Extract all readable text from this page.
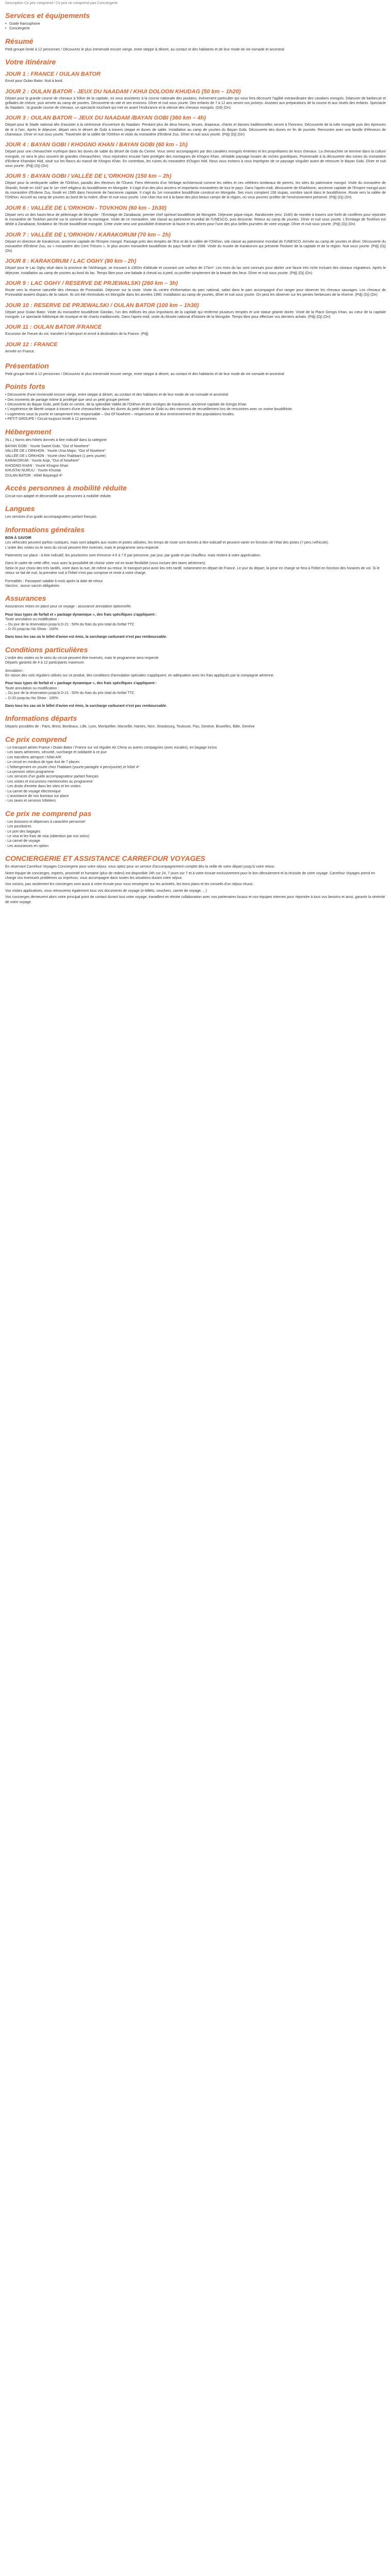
Description Ce prix comprend / Ce prix ne comprend pas Conciergerie

Services et équipements
• Guide francophone
• Conciergerie
Résumé

Petit groupe limité à 12 personnes ! Découvrez le plus immensité encore vierge, entre steppe & désert, au contact et des habitants et de leur mode de vie nomade et ancestral

Votre itinéraire
JOUR 1 : FRANCE / OULAN BATOR

Envol pour Oulan Bator. Nuit à bord.

JOUR 2 : OULAN BATOR - JEUX DU NAADAM / KHUI DOLOON KHUDAG (50 km – 1h20)

Départ pour la grande course de chevaux à 50km de la capitale, où vous assisterez à la course nationale des poulains, évènement particulier qui vous fera découvrir l'agilité extraordinaire des cavaliers mongols. Déjeuner de barbecue et grillades de chèvre, puis arrivée au camp de yourtes. Découverte du site et ses environs. Dîner et nuit sous yourte. Des enfants de 7 à 12 ans seront vos jockeys. Assistez aux préparations de la course et aux rituels des enfants. Spectacle du Naadam : la grande course de chevaux, un spectacle touchant qui met en avant l'endurance et la vitesse des chevaux mongols. (Dd) (Dn)

JOUR 3 : OULAN BATOR – JEUX DU NAADAM /BAYAN GOBI (360 km – 4h)

Départ pour le Stade national afin d'assister à la cérémonie d'ouverture du Naadam. Pendant plus de deux heures, tenues, drapeaux, chants et danses traditionnelles seront à l'honneur. Découverte de la lutte mongole puis des épreuves de tir à l'arc. Après le déjeuner, départ vers le désert de Gobi à travers steppe et dunes de sable. Installation au camp de yourtes du Bayan Gobi. Découverte des dunes en fin de journée. Rencontre avec une famille d'éleveurs de chameaux. Dîner et nuit sous yourte. Traversée de la vallée de l'Orkhon et visite du monastère d'Erdene Zuu. Dîner et nuit sous yourte. (Pdj) (Dj) (Dn)

JOUR 4 : BAYAN GOBI / KHOGNO KHAN / BAYAN GOBI (60 km - 1h)

Départ pour une chevauchée mythique dans les dunes de sable du désert de Gobi du Centre. Vous serez accompagnés par des cavaliers mongols émérites et les propriétaires de leurs chevaux. La chevauchée se termine dans la culture mongole, ce sera le plus souvent de grandes chevauchées. Vous rejoindrez ensuite l'aire protégée des montagnes de Khogno Khan, véritable paysage lunaire de roches granitiques. Promenade à la découverte des ruines du monastère d'Erdene Khambiin Hiid, situé sur les flancs du massif de Khogno Khan. En contrebas, les ruines du monastère d'Ovgon Hiid. Nous vous invitons à vous imprégner de ce paysage singulier avant de retrouver le Bayan Gobi. Dîner et nuit sous yourte. (Pdj) (Dj) (Dn)

JOUR 5 : BAYAN GOBI / VALLÉE DE L'ORKHON (150 km – 2h)

Départ pour la verdoyante vallée de l'Orkhon, paradis des éleveurs de l'Ouest. Fiers éléments d'un héritage architectural comme les stèles et ces célèbres tombeaux de pierres, les sites du patrimoine mongol. Visite du monastère de Shankh, fondé en 1647 par le 1er chef religieux du bouddhisme en Mongolie. Il s'agit d'un des plus anciens et importants monastères de tout le pays. Dans l'après-midi, découverte de Kharkhorin, ancienne capitale de l'Empire mongol puis du monastère d'Erdene Zuu, fondé en 1585 dans l'enceinte de l'ancienne capitale. Il s'agit du 1er monastère bouddhiste construit en Mongolie. Ses murs comptent 108 stupas, nombre sacré dans le bouddhisme. Route vers la vallée de l'Orkhon. Accueil au camp de yourtes au bord de la rivière, dîner et nuit sous yourte. Une Ulan Nur est à la base des plus beaux camps de la région, où vous pourrez profiter de l'environnement préservé. (Pdj) (Dj) (Dn)

JOUR 6 : VALLÉE DE L'ORKHON - TOVKHON (60 km - 1h30)

Départ vers un des hauts-lieux de pèlerinage de Mongolie : l'Ermitage de Zanabazar, premier chef spirituel bouddhiste de Mongolie. Déjeuner pique-nique. Randonnée (env. 1h30) de montée à travers une forêt de conifères pour rejoindre le monastère de Tovkhon perché sur le sommet de la montagne. Visite de ce monastère, site classé au patrimoine mondial de l'UNESCO, puis descente. Retour au camp de yourtes. Dîner et nuit sous yourte. L'Ermitage de Tovkhon est dédié à Zanabazar, fondateur de l'école bouddhiste mongole. Cette visite sera une possibilité d'observer la faune et les arbres pour l'une des plus belles journées de votre voyage. Dîner et nuit sous yourte. (Pdj) (Dj) (Dn)

JOUR 7 : VALLÉE DE L'ORKHON / KARAKORUM (70 km – 2h)

Départ en direction de Karakorum, ancienne capitale de l'Empire mongol. Passage près des temples de l'Est et de la vallée de l'Orkhon, site classé au patrimoine mondial de l'UNESCO. Arrivée au camp de yourtes et dîner. Découverte du monastère d'Erdene Zuu, ou « monastère des Cent Trésors », le plus ancien monastère bouddhiste du pays fondé en 1586. Visite du musée de Karakorum qui présente l'histoire de la capitale et de la région. Nuit sous yourte. (Pdj) (Dj) (Dn)

JOUR 8 : KARAKORUM / LAC OGHY (80 km - 2h)

Départ pour le Lac Oghy situé dans la province de l'Arkhangaï, se trouvant à 1300m d'altitude et couvrant une surface de 27km². Les rives du lac sont connues pour abriter une faune très riche incluant des oiseaux migrateurs. Après le déjeuner, installation au camp de yourtes au bord du lac. Temps libre pour une balade à cheval ou à pied, ou profiter simplement de la beauté des lieux. Dîner et nuit sous yourte. (Pdj) (Dj) (Dn)

JOUR 9 : LAC OGHY / RESERVE DE PRJEWALSKI (260 km – 3h)

Route vers la réserve naturelle des chevaux de Przewalski. Déjeuner sur la route. Visite du centre d'information du parc national, safari dans le parc accompagné d'un ranger pour observer les chevaux sauvages. Les chevaux de Przewalski avaient disparu de la nature. Ils ont été réintroduits en Mongolie dans les années 1990. Installation au camp de yourtes, dîner et nuit sous yourte. On peut les observer sur les pentes herbeuses de la réserve. (Pdj) (Dj) (Dn)

JOUR 10 : RESERVE DE PRJEWALSKI / OULAN BATOR (100 km – 1h30)

Départ pour Oulan Bator. Visite du monastère bouddhiste Gandan, l'un des édifices les plus importants de la capitale qui renferme plusieurs temples et une statue géante dorée. Visite de la Place Gengis Khan, au cœur de la capitale mongole. Le spectacle folklorique de musique et de chants traditionnels. Dans l'après-midi, visite du Musée national d'histoire de la Mongolie. Temps libre pour effectuer vos derniers achats. (Pdj) (Dj) (Dn)

JOUR 11 : OULAN BATOR /FRANCE

Excursion de l'heure du vol, transfert à l'aéroport et envol à destination de la France. (Pdj)

JOUR 12 : FRANCE

Arrivée en France.

Présentation

Petit groupe limité à 12 personnes ! Découvrez le plus immensité encore vierge, entre steppe & désert, au contact et des habitants et de leur mode de vie nomade et ancestral

Points forts

• Découverte d'une immensité encore vierge, entre steppe & désert, au contact et des habitants et de leur mode de vie nomade et ancestral

• Des moments de partage intime & privilégié que seul un petit groupe permet

• Découverte du Bayan Gobi, petit Gobi en centre, de la splendide Vallée de l'Orkhon et des vestiges de Karakorum, ancienne capitale de Gengis Khan

• L'expérience de liberté unique à travers d'une chevauchée dans les dunes du petit désert de Gobi ou des moments de recueillement lors de rencontres avec un moine bouddhiste.

• Logements sous la yourte et campement très responsable – Out Of Nowhere – respectueux de leur environnement et des populations locales.

• PETIT GROUPE / Circuit toujours limité à 12 personnes

Hébergement

(N.L.) Noms des hôtels donnés à titre indicatif dans la catégorie

BAYAN GOBI : Yourte Sweet Gobi, "Out of Nowhere"

VALLÉE DE L'ORKHON : Yourte Ursa Major, "Out of Nowhere"

VALLÉE DE L'ORKHON : Yourte chez l'habitant (1 pers yourte)

KARAKORUM : Yourte Anja, "Out of Nowhere"

KHOGNO KHAN : Yourte Khogno Khan

KHUSTAI NURUU : Yourte Khustai

OULAN BATOR : Hôtel Bayangol 4*

Accès personnes à mobilité réduite

Circuit non adapté et déconseillé aux personnes à mobilité réduite.

Langues

Les services d'un guide accompagnateur parlant français

Informations générales

BON À SAVOIR

Les véhicules peuvent parfois rustiques, mais sont adaptés aux routes et pistes utilisées, les temps de route sont donnés à titre indicatif et peuvent varier en fonction de l'état des pistes (7 pers./véhicule).

L'ordre des visites ou le sens du circuit peuvent être inversés, mais le programme sera respecté.

Paiements sur place : à titre indicatif, les pourboires sont d'environ 4 € à 7 € par personne, par jour, par guide et par chauffeur, mais restent à votre appréciation.

Dans le cadre de cette offre, vous avez la possibilité de choisir votre vol en toute flexibilité (vous incluez des taxes aériennes).

Selon le jour choisi des très tardifs, voire dans la nuit, de même au retour, le transport peut avoir lieu très tardif, notamment en départ de France. Le jour du départ, la prise en charge se fera à l'hôtel en fonction des horaires de vol. Si le retour se fait de nuit, la première nuit à l'hôtel n'est pas comprise et reste à votre charge.

Formalités : Passeport valable 6 mois après la date de retour.

Vaccins : aucun vaccin obligatoire.

Assurances

Assurances mises en place pour ce voyage : assurance annulation optionnelle.

Pour tous types de forfait et « package dynamique », des frais spécifiques s'appliquent :

Toute annulation ou modification :

– Du jour de la réservation jusqu'à D-21 : 50% du frais du prix total du forfait TTC

– D-20 jusqu'au No Show : 100%

Dans tous les cas où le billet d'avion est émis, la surcharge carburant n'est pas remboursable.

Conditions particulières

L'ordre des visites ou le sens du circuit peuvent être inversés, mais le programme sera respecté.

Départs garantis de 4 à 12 participants maximum.

Annulation :

En raison des vols réguliers utilisés sur ce produit, des conditions d'annulation spéciales s'appliquent, en adéquation avec les frais appliqués par la compagnie aérienne.

Pour tous types de forfait et « package dynamique », des frais spécifiques s'appliquent :

Toute annulation ou modification :

– Du jour de la réservation jusqu'à D-21 : 50% du frais du prix total du forfait TTC

– D-20 jusqu'au No Show : 100%

Dans tous les cas où le billet d'avion est émis, la surcharge carburant n'est pas remboursable.

Informations départs

Départs possibles de : Paris, Brest, Bordeaux, Lille, Lyon, Montpellier, Marseille, Nantes, Nice, Strasbourg, Toulouse, Pau, Genève, Bruxelles, Bâle, Genève

Ce prix comprend

- Le transport aérien France / Oulan Bator / France sur vol régulier Air China ou autres compagnies (avec escales), en bagage inclus

- Les taxes aériennes, sécurité, surcharge et solidarité à ce jour

- Les transferts aéroport / hôtel A/R

- Le circuit en minibus de type 4x4 de 7 places

- L'hébergement en yourte chez l'habitant (yourte partagée 4 pers/yourte) et hôtel 4*

- La pension selon programme

- Les services d'un guide accompagnateur parlant français

- Les visites et excursions mentionnées au programme

- Les droits d'entrée dans les sites et les visites

- La carnet de voyage électronique

- L'assistance de nos bureaux sur place

- Les taxes et services hôteliers

Ce prix ne comprend pas

- Les boissons et dépenses à caractère personnel

- Les pourboires

- Le port des bagages

- Le visa et les frais de visa (obtention par vos soins)

- La carnet de voyage

- Les assurances en option

CONCIERGERIE ET ASSISTANCE CARREFOUR VOYAGES

En réservant Carrefour Voyages Conciergerie pour votre séjour, vous optez pour un service d'accompagnement complet dès la veille de votre départ jusqu'à votre retour.

Notre équipe de concierges, experts, proximité et humaine (plus de redevi) est disponible 24h sur 24, 7 jours sur 7 et à votre écoute exclusivement pour le bon déroulement et la réussite de votre voyage. Carrefour Voyages prend en charge vos éventuels problèmes ou imprévus, vous accompagne dans toutes les situations durant votre séjour.

Vos voisins, pas seulement les concierges sont aussi à votre écoute pour vous renseigner sur les activités, les bons plans et les conseils d'un séjour réussi.

Vos visites applicatives, vous retrouverez également tous vos documents de voyage (e-billets, vouchers, carnet de voyage, ...)

Vos concierges demeurent alors votre principal point de contact durant tout votre voyage, travaillent en étroite collaboration avec nos partenaires locaux et nos équipes internes pour répondre à tous vos besoins et ainsi, garantir la sérénité de votre voyage.
